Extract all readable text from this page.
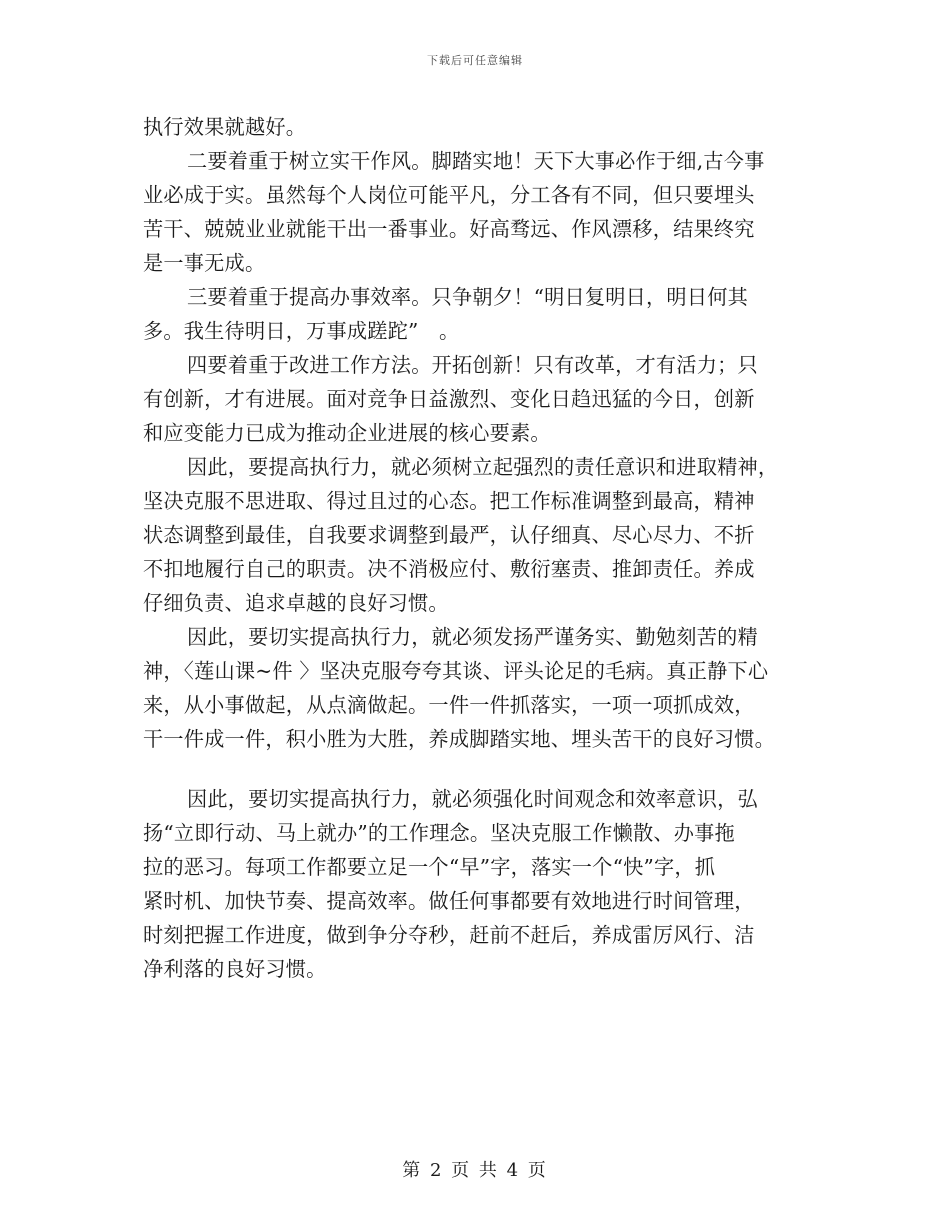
下载后可任意编辑

执行效果就越好。

二要着重于树立实干作风。脚踏实地！天下大事必作于细,古今事
业必成于实。虽然每个人岗位可能平凡，分工各有不同，但只要埋头
苦干、兢兢业业就能干出一番事业。好高骛远、作风漂移，结果终究
是一事无成。

三要着重于提高办事效率。只争朝夕！“明日复明日，明日何其
多。我生待明日，万事成蹉跎”　。

四要着重于改进工作方法。开拓创新！只有改革，才有活力；只
有创新，才有进展。面对竞争日益激烈、变化日趋迅猛的今日，创新
和应变能力已成为推动企业进展的核心要素。

因此，要提高执行力，就必须树立起强烈的责任意识和进取精神，
坚决克服不思进取、得过且过的心态。把工作标准调整到最高，精神
状态调整到最佳，自我要求调整到最严，认仔细真、尽心尽力、不折
不扣地履行自己的职责。决不消极应付、敷衍塞责、推卸责任。养成
仔细负责、追求卓越的良好习惯。

因此，要切实提高执行力，就必须发扬严谨务实、勤勉刻苦的精
神，〈莲山课~件 〉坚决克服夸夸其谈、评头论足的毛病。真正静下心
来，从小事做起，从点滴做起。一件一件抓落实，一项一项抓成效，
干一件成一件，积小胜为大胜，养成脚踏实地、埋头苦干的良好习惯。

因此，要切实提高执行力，就必须强化时间观念和效率意识，弘
扬“立即行动、马上就办”的工作理念。坚决克服工作懒散、办事拖
拉的恶习。每项工作都要立足一个“早”字，落实一个“快”字，抓
紧时机、加快节奏、提高效率。做任何事都要有效地进行时间管理，
时刻把握工作进度，做到争分夺秒，赶前不赶后，养成雷厉风行、洁
净利落的良好习惯。

第 2 页 共 4 页
